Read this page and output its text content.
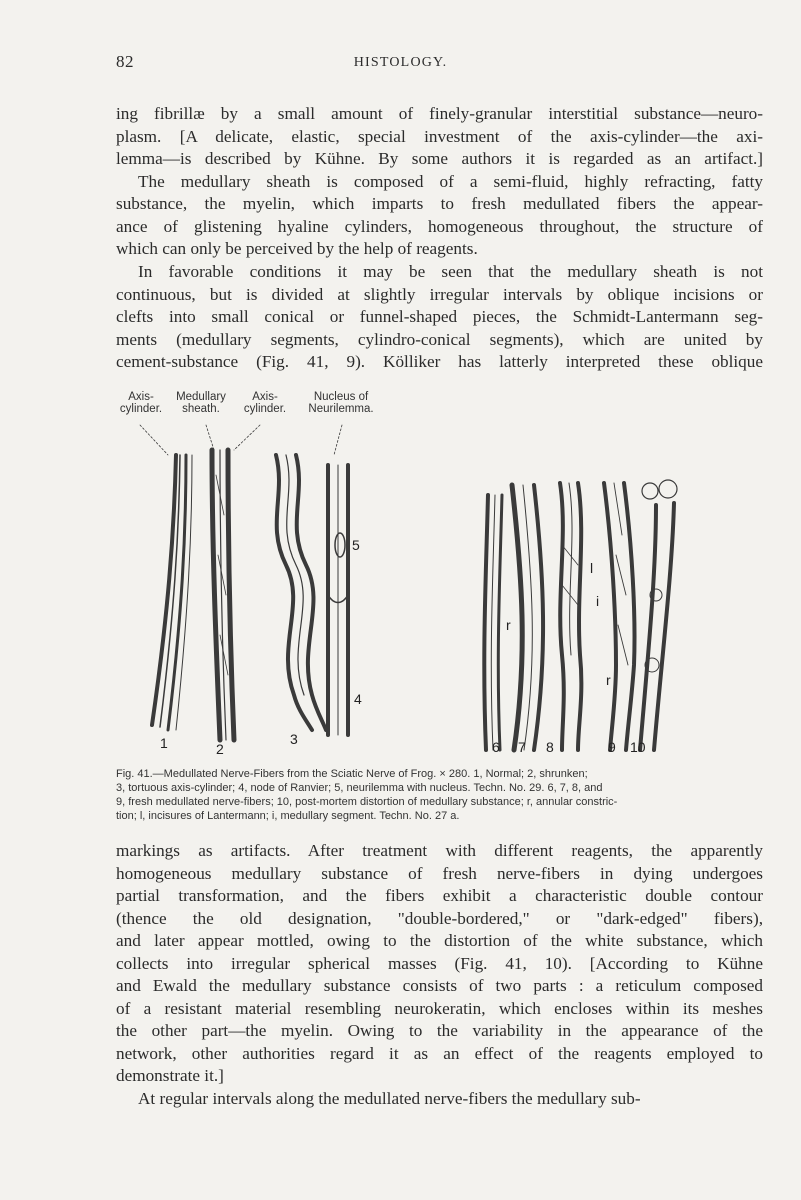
82	HISTOLOGY.
ing fibrillæ by a small amount of finely-granular interstitial substance—neuro-
plasm. [A delicate, elastic, special investment of the axis-cylinder—the axi-
lemma—is described by Kühne. By some authors it is regarded as an artifact.]
The medullary sheath is composed of a semi-fluid, highly refracting, fatty
substance, the myelin, which imparts to fresh medullated fibers the appear-
ance of glistening hyaline cylinders, homogeneous throughout, the structure of
which can only be perceived by the help of reagents.
In favorable conditions it may be seen that the medullary sheath is not
continuous, but is divided at slightly irregular intervals by oblique incisions or
clefts into small conical or funnel-shaped pieces, the Schmidt-Lantermann seg-
ments (medullary segments, cylindro-conical segments), which are united by
cement-substance (Fig. 41, 9). Kölliker has latterly interpreted these oblique
Axis-
cylinder.
Medullary
sheath.
Axis-
cylinder.
Nucleus of
Neurilemma.
1	2
3
4
5
6 7 8	9 10
r
r
l
i
Fig. 41.—Medullated Nerve-Fibers from the Sciatic Nerve of Frog. × 280. 1, Normal; 2, shrunken;
3, tortuous axis-cylinder; 4, node of Ranvier; 5, neurilemma with nucleus. Techn. No. 29. 6, 7, 8, and
9, fresh medullated nerve-fibers; 10, post-mortem distortion of medullary substance; r, annular constric-
tion; l, incisures of Lantermann; i, medullary segment. Techn. No. 27 a.
markings as artifacts. After treatment with different reagents, the apparently
homogeneous medullary substance of fresh nerve-fibers in dying undergoes
partial transformation, and the fibers exhibit a characteristic double contour
(thence the old designation, "double-bordered," or "dark-edged" fibers),
and later appear mottled, owing to the distortion of the white substance, which
collects into irregular spherical masses (Fig. 41, 10). [According to Kühne
and Ewald the medullary substance consists of two parts : a reticulum composed
of a resistant material resembling neurokeratin, which encloses within its meshes
the other part—the myelin. Owing to the variability in the appearance of the
network, other authorities regard it as an effect of the reagents employed to
demonstrate it.]
At regular intervals along the medullated nerve-fibers the medullary sub-
